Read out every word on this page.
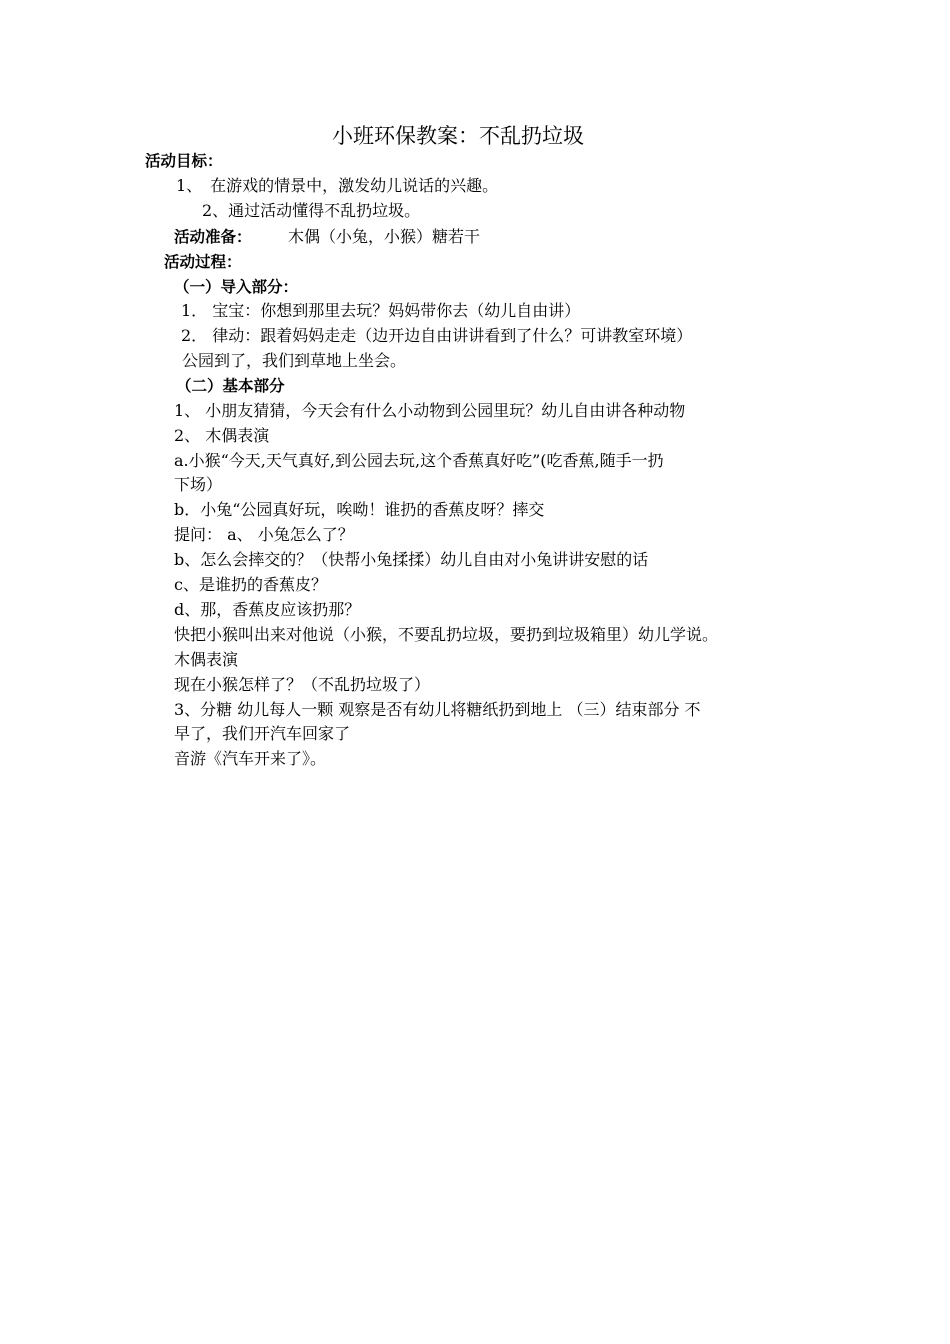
小班环保教案：不乱扔垃圾
活动目标：
1、　在游戏的情景中，激发幼儿说话的兴趣。
2、通过活动懂得不乱扔垃圾。
活动准备： 木偶（小兔，小猴）糖若干
活动过程：
（一）导入部分：
1． 宝宝：你想到那里去玩？妈妈带你去（幼儿自由讲）
2． 律动：跟着妈妈走走（边开边自由讲讲看到了什么？可讲教室环境）
公园到了，我们到草地上坐会。
（二）基本部分
1、 小朋友猜猜，今天会有什么小动物到公园里玩？幼儿自由讲各种动物
2、 木偶表演
a.小猴“今天,天气真好,到公园去玩,这个香蕉真好吃”(吃香蕉,随手一扔
下场）
b．小兔“公园真好玩，唉呦！谁扔的香蕉皮呀？摔交
提问： a、 小兔怎么了？
b、怎么会摔交的？（快帮小兔揉揉）幼儿自由对小兔讲讲安慰的话
c、是谁扔的香蕉皮？
d、那，香蕉皮应该扔那？
快把小猴叫出来对他说（小猴，不要乱扔垃圾，要扔到垃圾箱里）幼儿学说。
木偶表演
现在小猴怎样了？（不乱扔垃圾了）
3、分糖 幼儿每人一颗 观察是否有幼儿将糖纸扔到地上 （三）结束部分 不
早了，我们开汽车回家了
音游《汽车开来了》。
